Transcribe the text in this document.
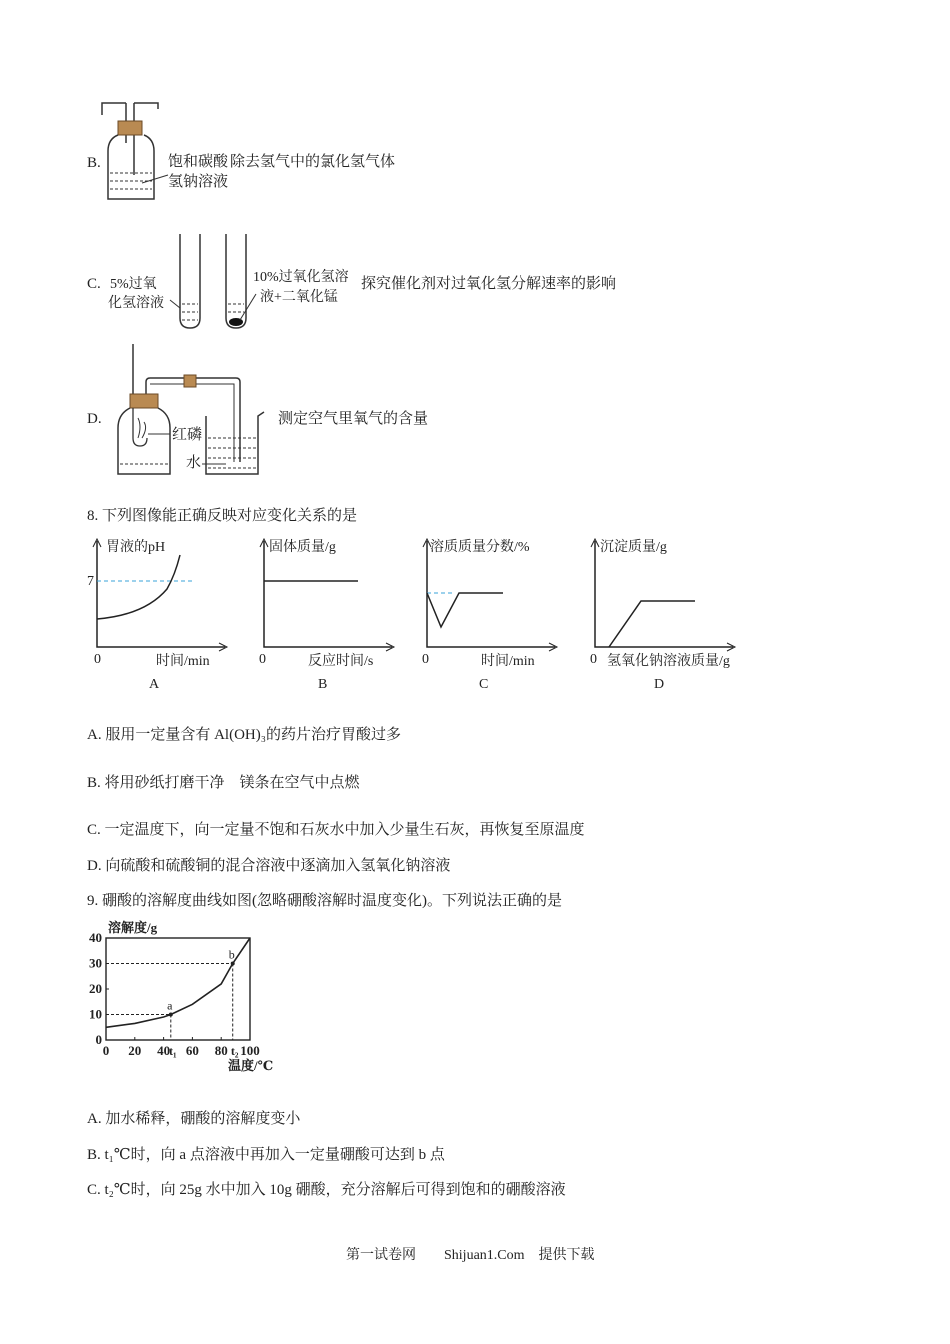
B.	饱和碳酸
氢钠溶液
除去氢气中的氯化氢气体
C. 5%过氧
化氢溶液
10%过氧化氢溶
液+二氧化锰
探究催化剂对过氧化氢分解速率的影响
D.
红磷
水
测定空气里氧气的含量
8. 下列图像能正确反映对应变化关系的是
胃液的pH
7
0	时间/min
A
固体质量/g
0	反应时间/s
B
溶质质量分数/%
0	时间/min
C
沉淀质量/g
0 氢氧化钠溶液质量/g
D
A. 服用一定量含有 Al(OH)₃的药片治疗胃酸过多
B. 将用砂纸打磨干净　镁条在空气中点燃
C. 一定温度下，向一定量不饱和石灰水中加入少量生石灰，再恢复至原温度
D. 向硫酸和硫酸铜的混合溶液中逐滴加入氢氧化钠溶液
9. 硼酸的溶解度曲线如图(忽略硼酸溶解时温度变化)。下列说法正确的是
0
10
20
30
40
0 20 40 60 80 100
溶解度/g
温度/℃
a
b
t₁	t₂
A. 加水稀释，硼酸的溶解度变小
B. t₁℃时，向 a 点溶液中再加入一定量硼酸可达到 b 点
C. t₂℃时，向 25g 水中加入 10g 硼酸，充分溶解后可得到饱和的硼酸溶液
第一试卷网　　Shijuan1.Com　提供下载
